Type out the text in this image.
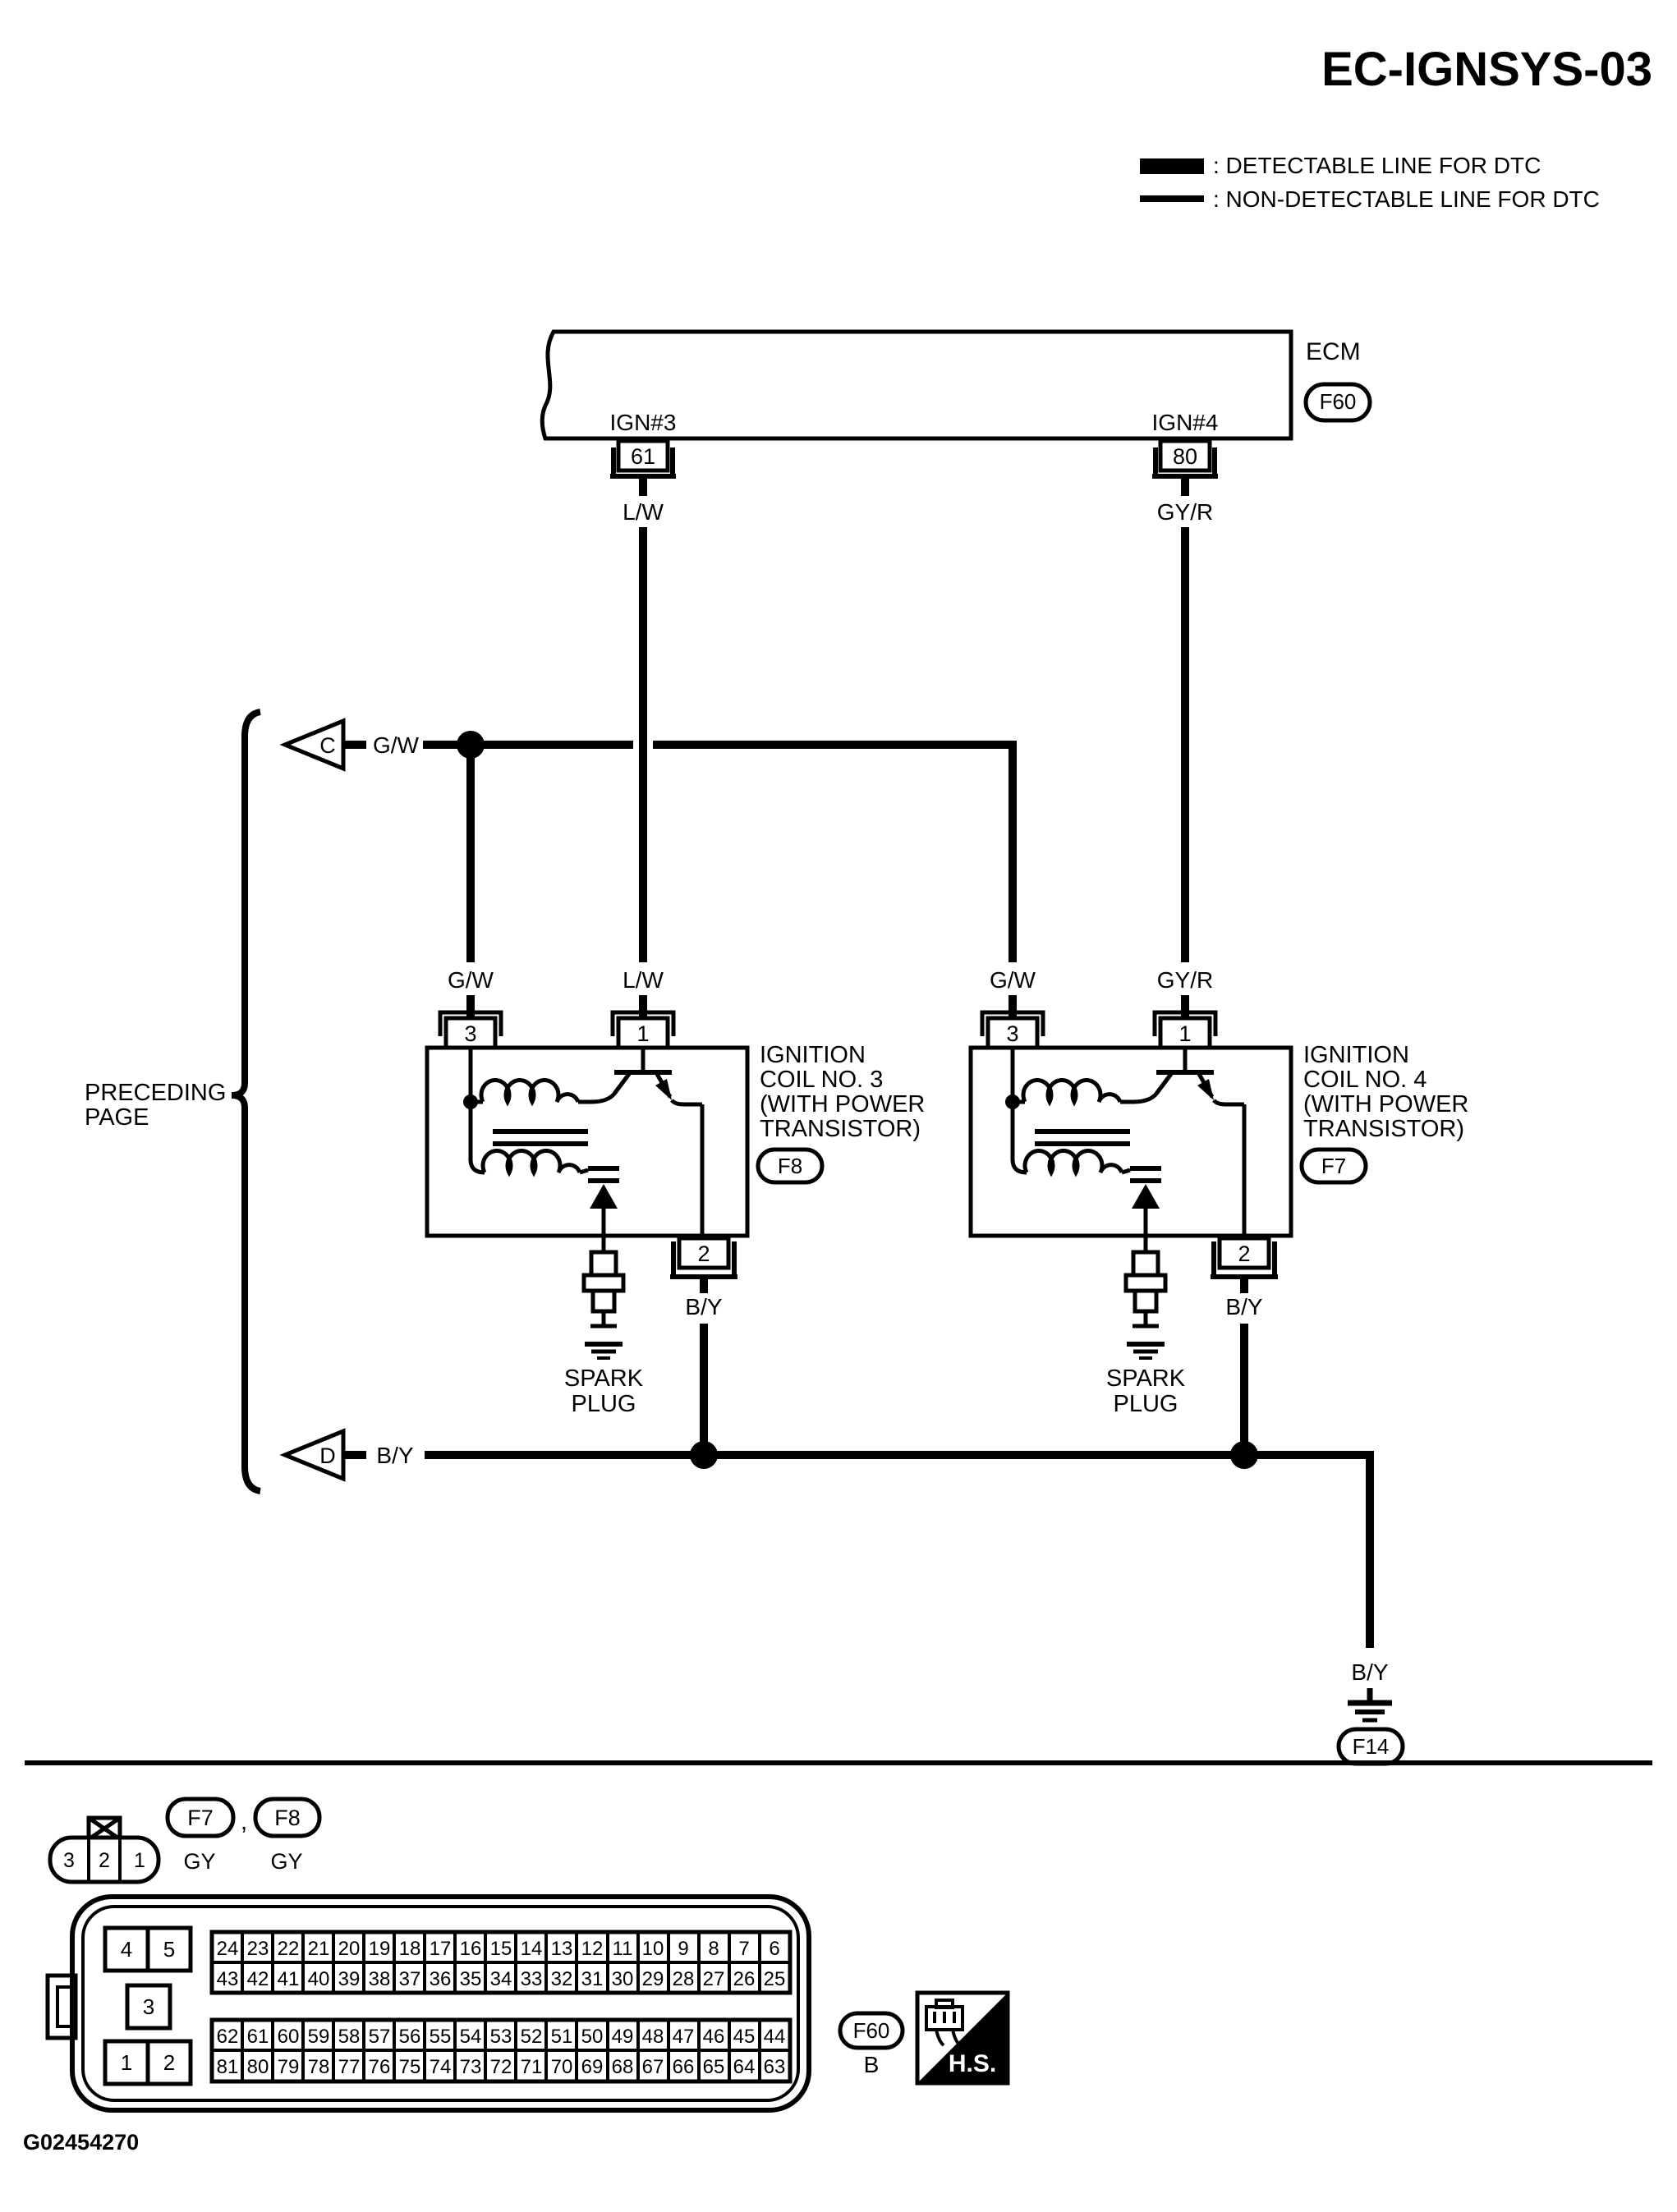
EC-IGNSYS-03
: DETECTABLE LINE FOR DTC
: NON-DETECTABLE LINE FOR DTC
ECM
F60
IGN#3	IGN#4
61
L/W
80
GY/R
C G/W
G/W	L/W	G/W	GY/R
PRECEDING
PAGE
3	1
2
B/Y
SPARK
PLUG
IGNITION
COIL NO. 3
(WITH POWER
TRANSISTOR)
F8
3	1
2
B/Y
SPARK
PLUG
IGNITION
COIL NO. 4
(WITH POWER
TRANSISTOR)
F7
D B/Y
B/Y
F14
3 2 1
F7 , F8
GY GY
4 5
3
1 2
24 23 22 21 20 19 18 17 16 15 14 13 12 11 10 9 8 7 6
43 42 41 40 39 38 37 36 35 34 33 32 31 30 29 28 27 26 25
62 61 60 59 58 57 56 55 54 53 52 51 50 49 48 47 46 45 44
81 80 79 78 77 76 75 74 73 72 71 70 69 68 67 66 65 64 63
F60
B	H.S.
G02454270
